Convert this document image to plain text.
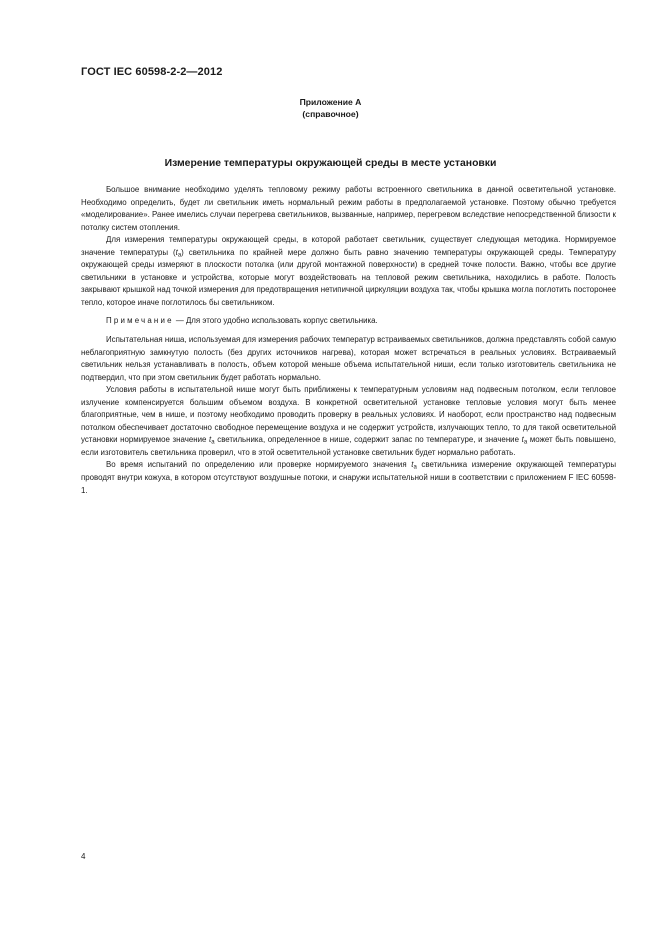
ГОСТ IEC 60598-2-2—2012
Приложение А
(справочное)
Измерение температуры окружающей среды в месте установки

Большое внимание необходимо уделять тепловому режиму работы встроенного светильника в данной осветительной установке. Необходимо определить, будет ли светильник иметь нормальный режим работы в предполагаемой установке. Поэтому обычно требуется «моделирование». Ранее имелись случаи перегрева светильников, вызванные, например, перегревом вследствие непосредственной близости к потолку систем отопления.

Для измерения температуры окружающей среды, в которой работает светильник, существует следующая методика. Нормируемое значение температуры $(t_a)$ светильника по крайней мере должно быть равно значению температуры окружающей среды. Температуру окружающей среды измеряют в плоскости потолка (или другой монтажной поверхности) в средней точке полости. Важно, чтобы все другие светильники в установке и устройства, которые могут воздействовать на тепловой режим светильника, находились в работе. Полость закрывают крышкой над точкой измерения для предотвращения нетипичной циркуляции воздуха так, чтобы крышка могла поглотить посторонее тепло, которое иначе поглотилось бы светильником.

Примечание — Для этого удобно использовать корпус светильника.

Испытательная ниша, используемая для измерения рабочих температур встраиваемых светильников, должна представлять собой самую неблагоприятную замкнутую полость (без других источников нагрева), которая может встречаться в реальных условиях. Встраиваемый светильник нельзя устанавливать в полость, объем которой меньше объема испытательной ниши, если только изготовитель светильника не подтвердил, что при этом светильник будет работать нормально.

Условия работы в испытательной нише могут быть приближены к температурным условиям над подвесным потолком, если тепловое излучение компенсируется большим объемом воздуха. В конкретной осветительной установке тепловые условия могут быть менее благоприятные, чем в нише, и поэтому необходимо проводить проверку в реальных условиях. И наоборот, если пространство над подвесным потолком обеспечивает достаточно свободное перемещение воздуха и не содержит устройств, излучающих тепло, то для такой осветительной установки нормируемое значение $t_a$ светильника, определенное в нише, содержит запас по температуре, и значение $t_a$ может быть повышено, если изготовитель светильника проверил, что в этой осветительной установке светильник будет нормально работать.

Во время испытаний по определению или проверке нормируемого значения $t_a$ светильника измерение окружающей температуры проводят внутри кожуха, в котором отсутствуют воздушные потоки, и снаружи испытательной ниши в соответствии с приложением F IEC 60598-1.

4
